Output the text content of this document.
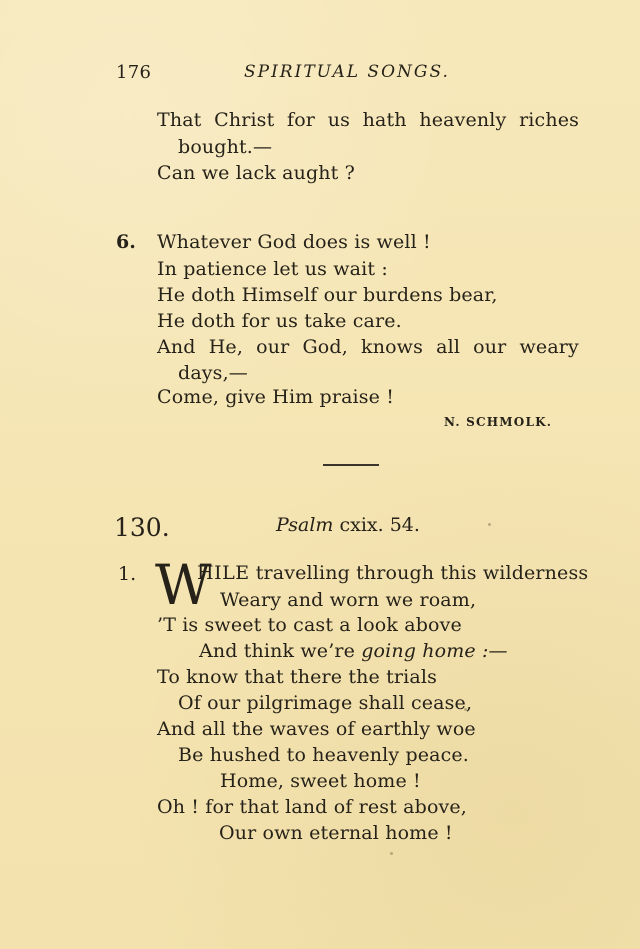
176	SPIRITUAL SONGS.
That Christ for us hath heavenly riches
bought.—
Can we lack aught ?
6. Whatever God does is well !
In patience let us wait :
He doth Himself our burdens bear,
He doth for us take care.
And He, our God, knows all our weary
days,—
Come, give Him praise !
N. SCHMOLK.
130.	Psalm cxix. 54.
1. W
HILE travelling through this wilderness
Weary and worn we roam,
’T is sweet to cast a look above
And think we’re going home :—
To know that there the trials
Of our pilgrimage shall cease,
And all the waves of earthly woe
Be hushed to heavenly peace.
Home, sweet home !
Oh ! for that land of rest above,
Our own eternal home !
